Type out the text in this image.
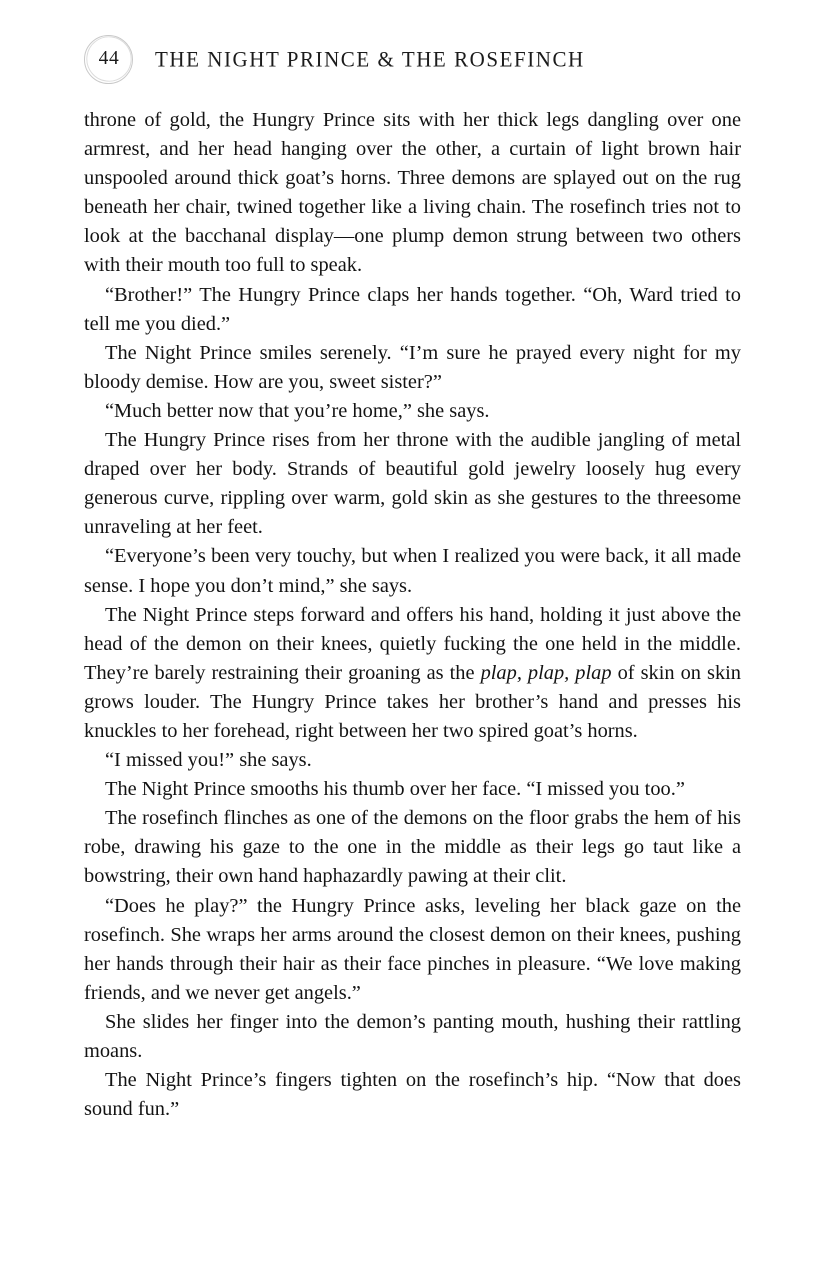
44 THE NIGHT PRINCE & THE ROSEFINCH

throne of gold, the Hungry Prince sits with her thick legs dangling over one armrest, and her head hanging over the other, a curtain of light brown hair unspooled around thick goat’s horns. Three demons are splayed out on the rug beneath her chair, twined together like a living chain. The rosefinch tries not to look at the bacchanal display—one plump demon strung between two others with their mouth too full to speak.

“Brother!” The Hungry Prince claps her hands together. “Oh, Ward tried to tell me you died.”

The Night Prince smiles serenely. “I’m sure he prayed every night for my bloody demise. How are you, sweet sister?”

“Much better now that you’re home,” she says.

The Hungry Prince rises from her throne with the audible jangling of metal draped over her body. Strands of beautiful gold jewelry loosely hug every generous curve, rippling over warm, gold skin as she gestures to the threesome unraveling at her feet.

“Everyone’s been very touchy, but when I realized you were back, it all made sense. I hope you don’t mind,” she says.

The Night Prince steps forward and offers his hand, holding it just above the head of the demon on their knees, quietly fucking the one held in the middle. They’re barely restraining their groaning as the plap, plap, plap of skin on skin grows louder. The Hungry Prince takes her brother’s hand and presses his knuckles to her forehead, right between her two spired goat’s horns.

“I missed you!” she says.

The Night Prince smooths his thumb over her face. “I missed you too.”

The rosefinch flinches as one of the demons on the floor grabs the hem of his robe, drawing his gaze to the one in the middle as their legs go taut like a bowstring, their own hand haphazardly pawing at their clit.

“Does he play?” the Hungry Prince asks, leveling her black gaze on the rosefinch. She wraps her arms around the closest demon on their knees, pushing her hands through their hair as their face pinches in pleasure. “We love making friends, and we never get angels.”

She slides her finger into the demon’s panting mouth, hushing their rattling moans.

The Night Prince’s fingers tighten on the rosefinch’s hip. “Now that does sound fun.”
